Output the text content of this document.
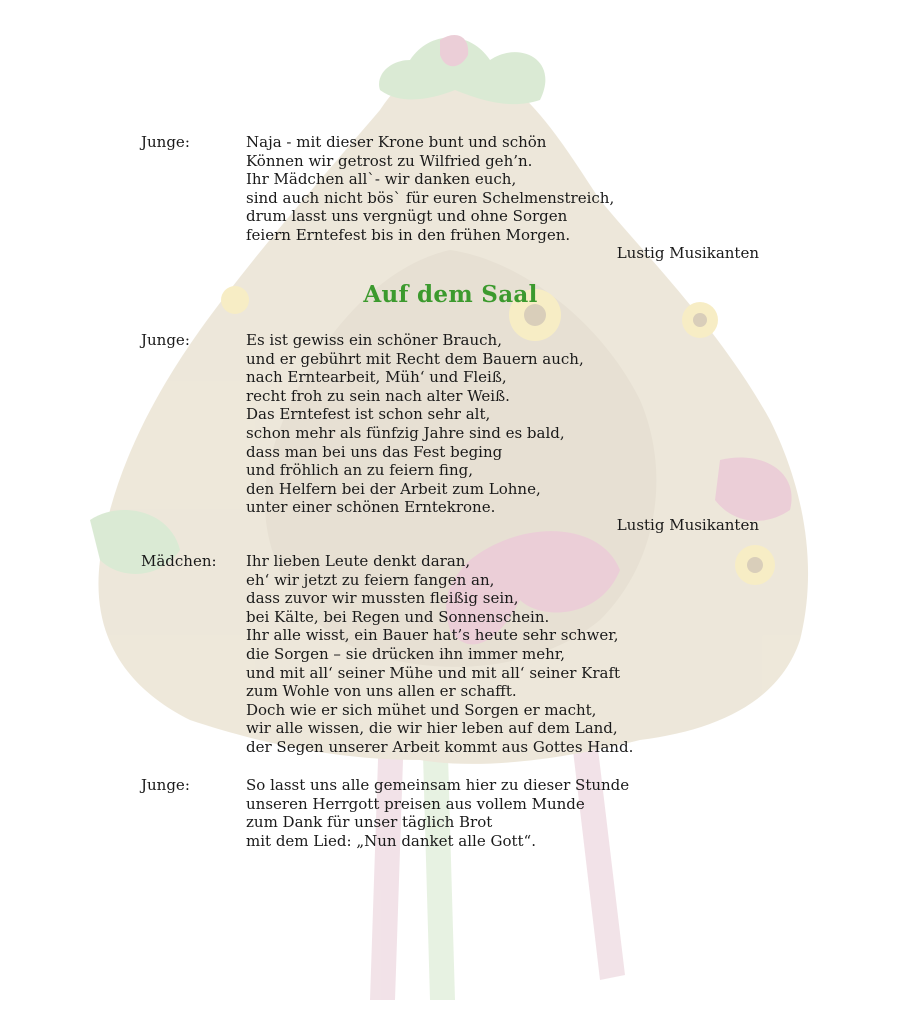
Junge:	Naja - mit dieser Krone bunt und schön
Können wir getrost zu Wilfried geh’n.
Ihr Mädchen all`- wir danken euch,
sind auch nicht bös` für euren Schelmenstreich,
drum lasst uns vergnügt und ohne Sorgen
feiern Erntefest bis in den frühen Morgen.
Lustig Musikanten
Auf dem Saal
Junge:	Es ist gewiss ein schöner Brauch,
und er gebührt mit Recht dem Bauern auch,
nach Erntearbeit, Müh‘ und Fleiß,
recht froh zu sein nach alter Weiß.
Das Erntefest ist schon sehr alt,
schon mehr als fünfzig Jahre sind es bald,
dass man bei uns das Fest beging
und fröhlich an zu feiern fing,
den Helfern bei der Arbeit zum Lohne,
unter einer schönen Erntekrone.
Lustig Musikanten
Mädchen: Ihr lieben Leute denkt daran,
eh‘ wir jetzt zu feiern fangen an,
dass zuvor wir mussten fleißig sein,
bei Kälte, bei Regen und Sonnenschein.
Ihr alle wisst, ein Bauer hat’s heute sehr schwer,
die Sorgen – sie drücken ihn immer mehr,
und mit all‘ seiner Mühe und mit all‘ seiner Kraft
zum Wohle von uns allen er schafft.
Doch wie er sich mühet und Sorgen er macht,
wir alle wissen, die wir hier leben auf dem Land,
der Segen unserer Arbeit kommt aus Gottes Hand.
Junge:	So lasst uns alle gemeinsam hier zu dieser Stunde
unseren Herrgott preisen aus vollem Munde
zum Dank für unser täglich Brot
mit dem Lied: „Nun danket alle Gott“.
